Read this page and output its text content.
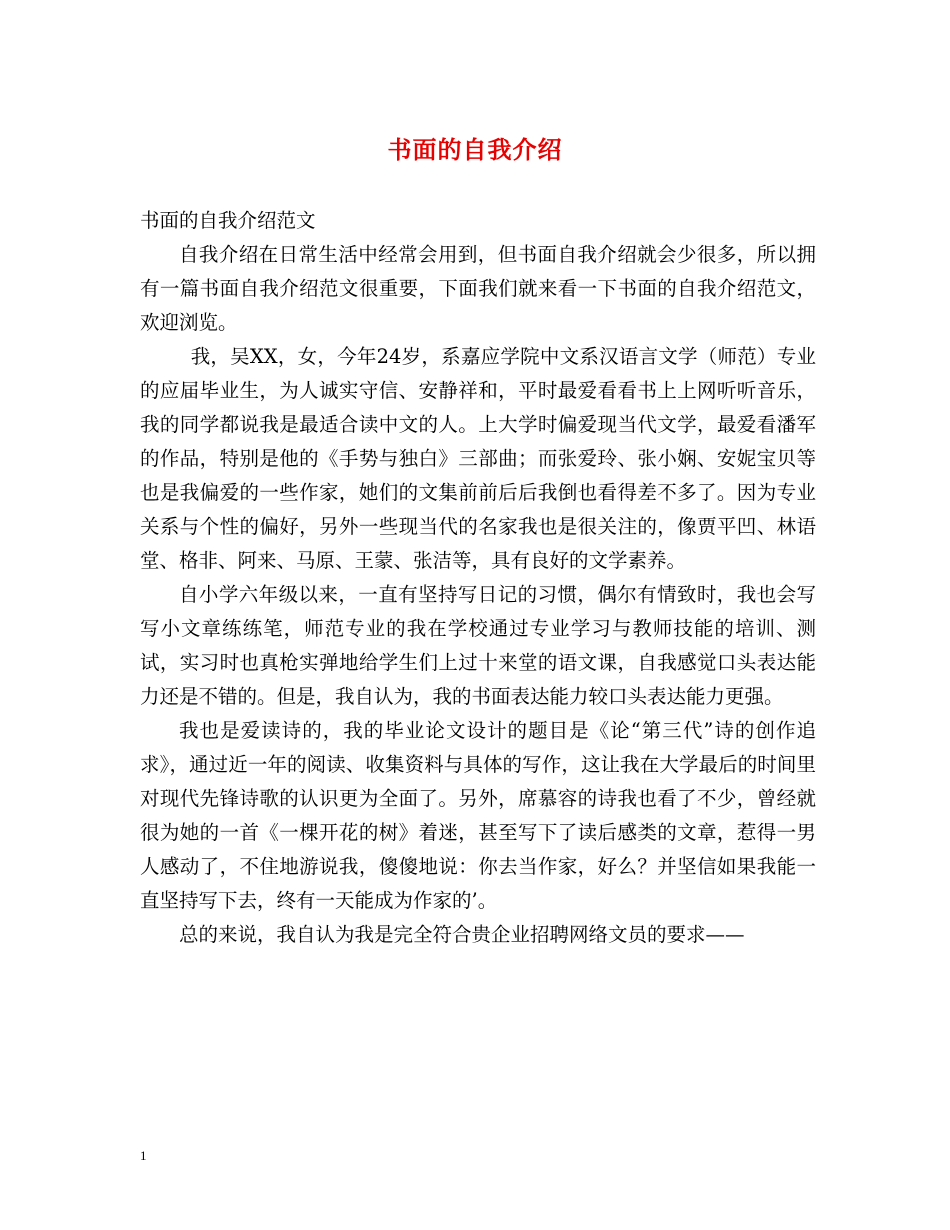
书面的自我介绍

书面的自我介绍范文

自我介绍在日常生活中经常会用到，但书面自我介绍就会少很多，所以拥有一篇书面自我介绍范文很重要，下面我们就来看一下书面的自我介绍范文，欢迎浏览。

我，吴XX，女，今年24岁，系嘉应学院中文系汉语言文学（师范）专业的应届毕业生，为人诚实守信、安静祥和，平时最爱看看书上上网听听音乐，我的同学都说我是最适合读中文的人。上大学时偏爱现当代文学，最爱看潘军的作品，特别是他的《手势与独白》三部曲；而张爱玲、张小娴、安妮宝贝等也是我偏爱的一些作家，她们的文集前前后后我倒也看得差不多了。因为专业关系与个性的偏好，另外一些现当代的名家我也是很关注的，像贾平凹、林语堂、格非、阿来、马原、王蒙、张洁等，具有良好的文学素养。

自小学六年级以来，一直有坚持写日记的习惯，偶尔有情致时，我也会写写小文章练练笔，师范专业的我在学校通过专业学习与教师技能的培训、测试，实习时也真枪实弹地给学生们上过十来堂的语文课，自我感觉口头表达能力还是不错的。但是，我自认为，我的书面表达能力较口头表达能力更强。

我也是爱读诗的，我的毕业论文设计的题目是《论“第三代”诗的创作追求》，通过近一年的阅读、收集资料与具体的写作，这让我在大学最后的时间里对现代先锋诗歌的认识更为全面了。另外，席慕容的诗我也看了不少，曾经就很为她的一首《一棵开花的树》着迷，甚至写下了读后感类的文章，惹得一男人感动了，不住地游说我，傻傻地说：你去当作家，好么？并坚信如果我能一直坚持写下去，终有一天能成为作家的’。

总的来说，我自认为我是完全符合贵企业招聘网络文员的要求——

1
